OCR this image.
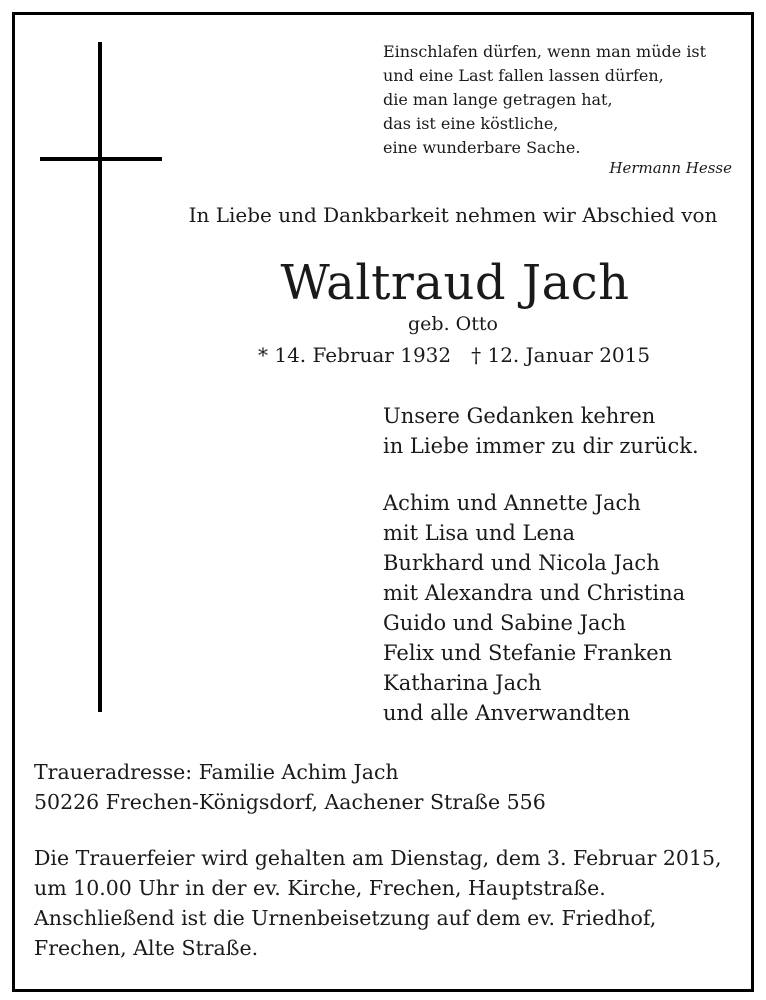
Einschlafen dürfen, wenn man müde ist
und eine Last fallen lassen dürfen,
die man lange getragen hat,
das ist eine köstliche,
eine wunderbare Sache.
Hermann Hesse
In Liebe und Dankbarkeit nehmen wir Abschied von
Waltraud Jach
geb. Otto
* 14. Februar 1932 † 12. Januar 2015
Unsere Gedanken kehren
in Liebe immer zu dir zurück.
Achim und Annette Jach
mit Lisa und Lena
Burkhard und Nicola Jach
mit Alexandra und Christina
Guido und Sabine Jach
Felix und Stefanie Franken
Katharina Jach
und alle Anverwandten
Traueradresse: Familie Achim Jach
50226 Frechen-Königsdorf, Aachener Straße 556
Die Trauerfeier wird gehalten am Dienstag, dem 3. Februar 2015,
um 10.00 Uhr in der ev. Kirche, Frechen, Hauptstraße.
Anschließend ist die Urnenbeisetzung auf dem ev. Friedhof,
Frechen, Alte Straße.
